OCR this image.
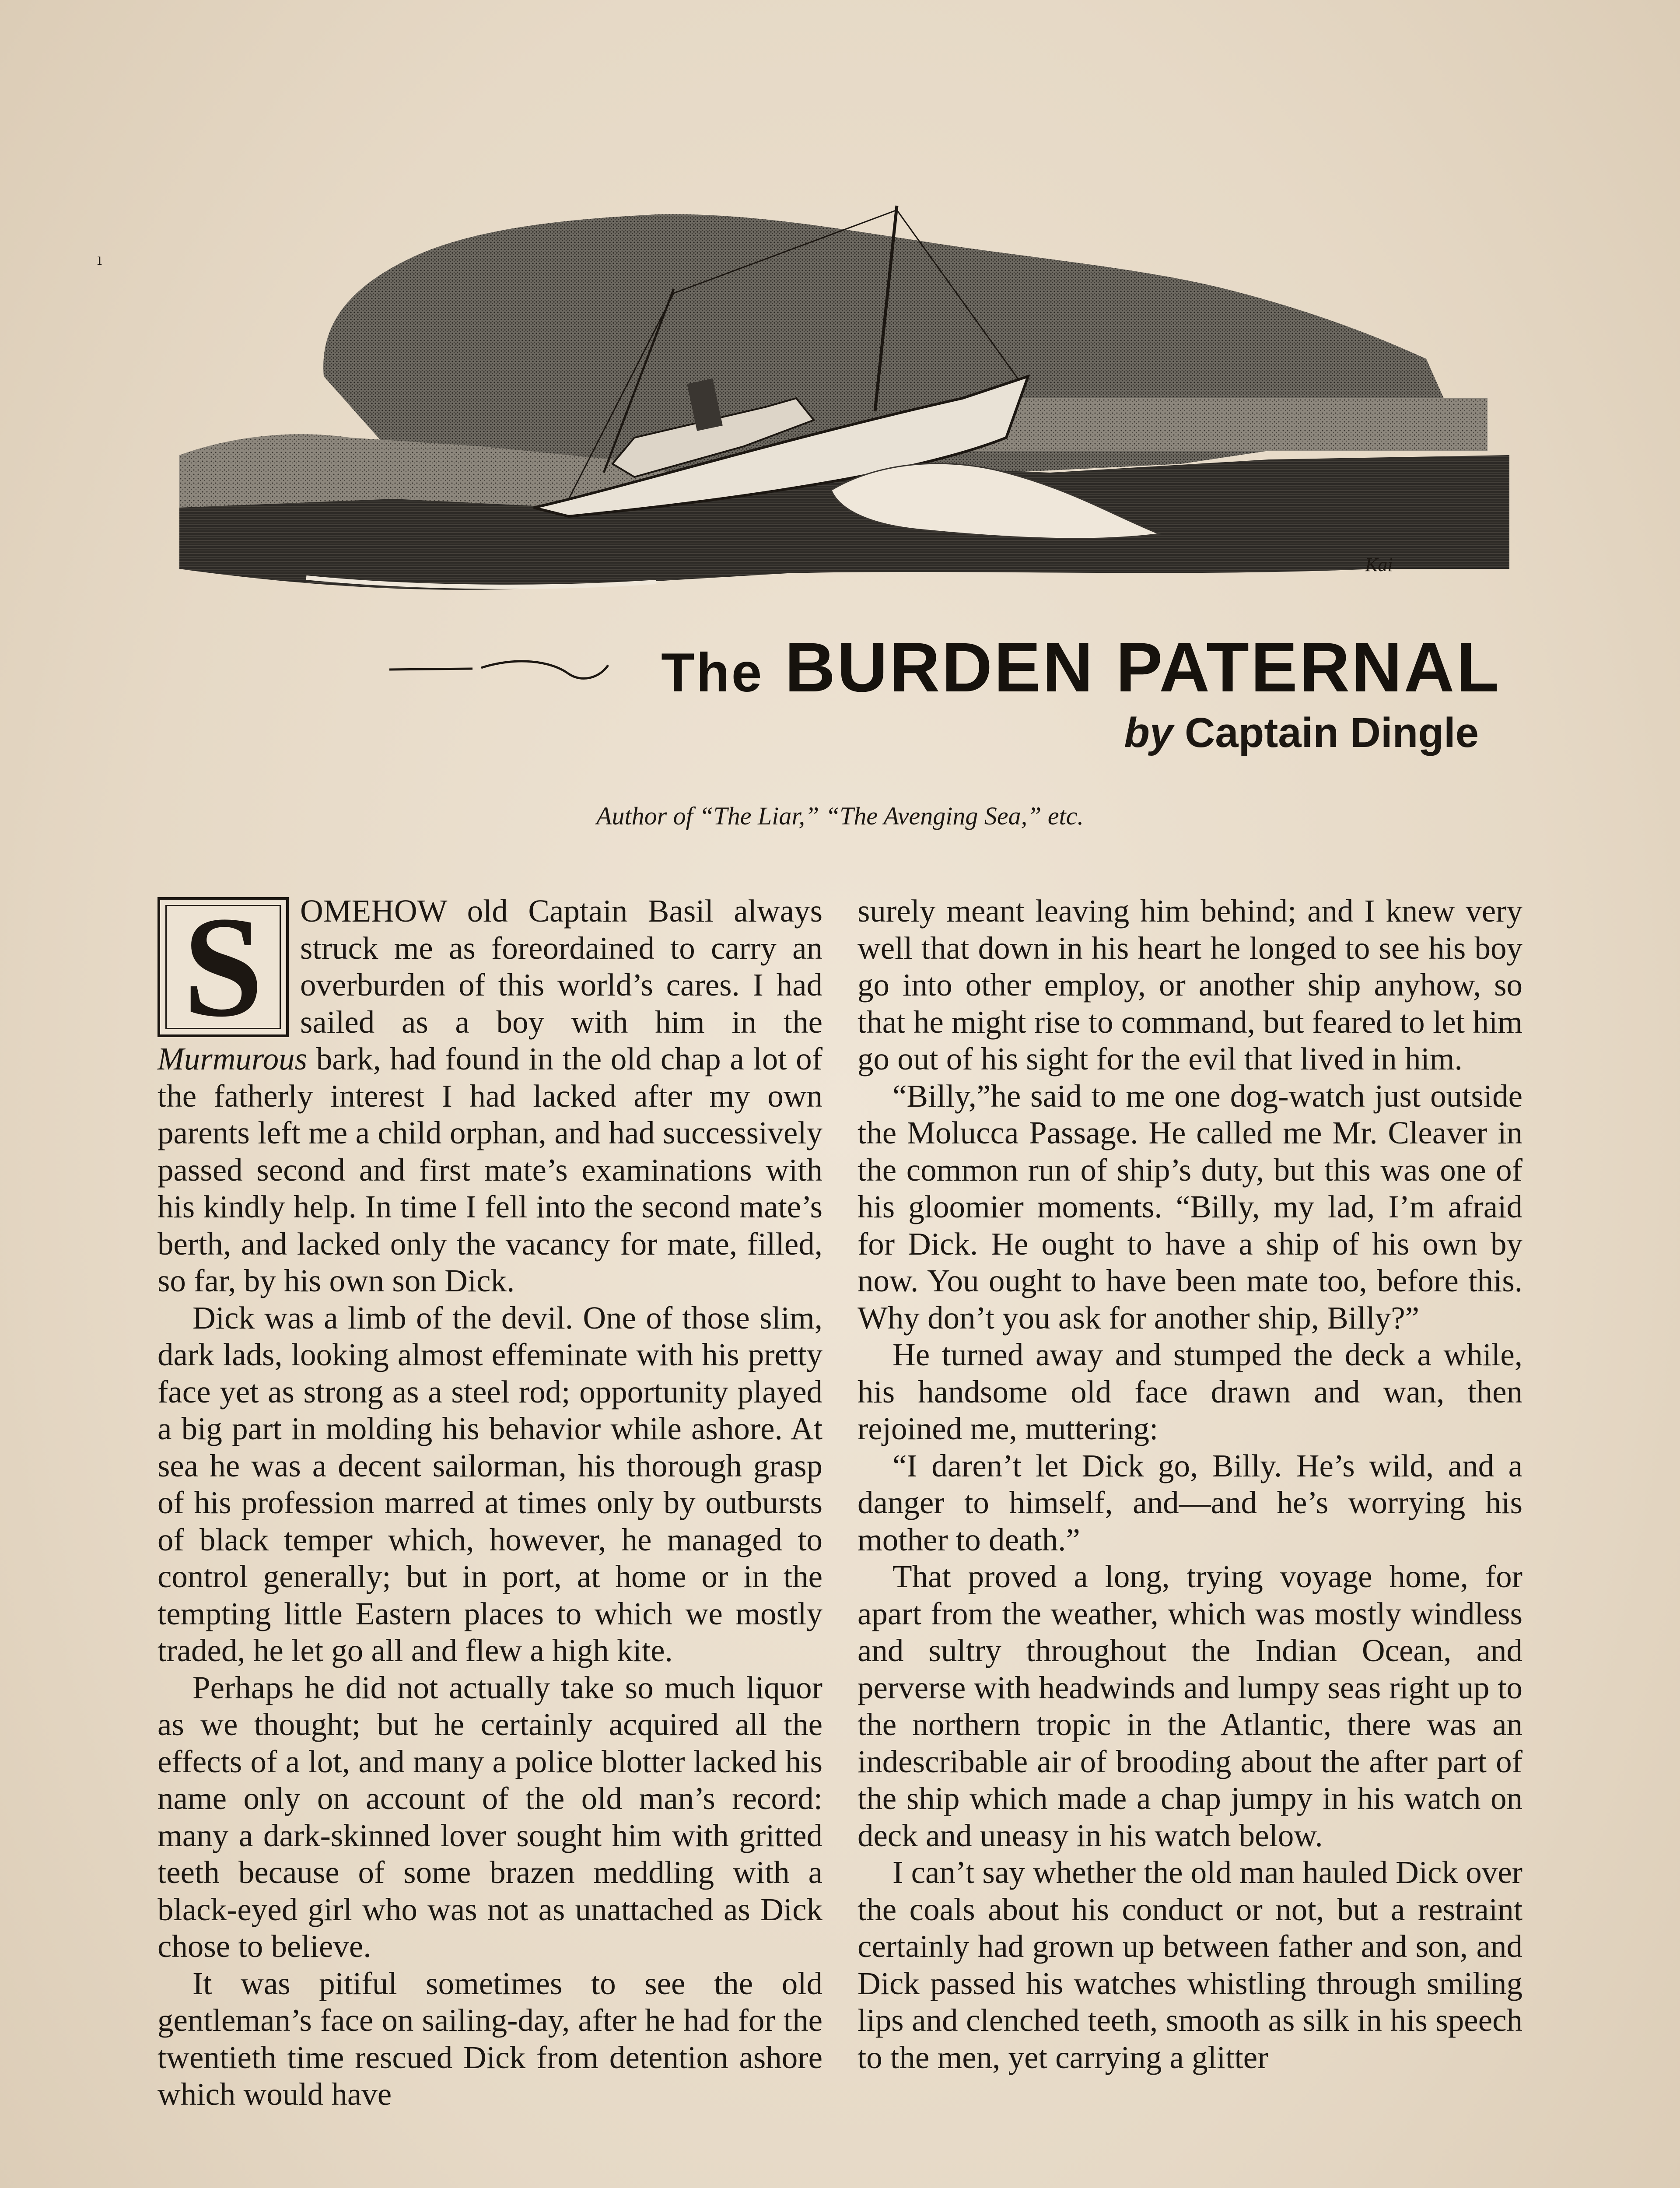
Kai
ı
The BURDEN PATERNAL
by Captain Dingle
Author of “The Liar,” “The Avenging Sea,” etc.
S	OMEHOW old Captain Basil always struck me as foreordained to carry an overburden of this world’s cares. I had sailed as a boy with him in the Murmurous bark, had found in the old chap a lot of the fatherly interest I had lacked after my own parents left me a child orphan, and had successively passed second and first mate’s examinations with his kindly help. In time I fell into the second mate’s berth, and lacked only the vacancy for mate, filled, so far, by his own son Dick.

Dick was a limb of the devil. One of those slim, dark lads, looking almost effeminate with his pretty face yet as strong as a steel rod; opportunity played a big part in molding his behavior while ashore. At sea he was a decent sailorman, his thorough grasp of his profession marred at times only by outbursts of black temper which, however, he managed to control generally; but in port, at home or in the tempting little Eastern places to which we mostly traded, he let go all and flew a high kite.

Perhaps he did not actually take so much liquor as we thought; but he certainly acquired all the effects of a lot, and many a police blotter lacked his name only on account of the old man’s record: many a dark-skinned lover sought him with gritted teeth because of some brazen meddling with a black-eyed girl who was not as unattached as Dick chose to believe.

It was pitiful sometimes to see the old gentleman’s face on sailing-day, after he had for the twentieth time rescued Dick from detention ashore which would have

surely meant leaving him behind; and I knew very well that down in his heart he longed to see his boy go into other employ, or another ship anyhow, so that he might rise to command, but feared to let him go out of his sight for the evil that lived in him.

“Billy,”he said to me one dog-watch just outside the Molucca Passage. He called me Mr. Cleaver in the common run of ship’s duty, but this was one of his gloomier moments. “Billy, my lad, I’m afraid for Dick. He ought to have a ship of his own by now. You ought to have been mate too, before this. Why don’t you ask for another ship, Billy?”

He turned away and stumped the deck a while, his handsome old face drawn and wan, then rejoined me, muttering:

“I daren’t let Dick go, Billy. He’s wild, and a danger to himself, and—and he’s worrying his mother to death.”

That proved a long, trying voyage home, for apart from the weather, which was mostly windless and sultry throughout the Indian Ocean, and perverse with headwinds and lumpy seas right up to the northern tropic in the Atlantic, there was an indescribable air of brooding about the after part of the ship which made a chap jumpy in his watch on deck and uneasy in his watch below.

I can’t say whether the old man hauled Dick over the coals about his conduct or not, but a restraint certainly had grown up between father and son, and Dick passed his watches whistling through smiling lips and clenched teeth, smooth as silk in his speech to the men, yet carrying a glitter
